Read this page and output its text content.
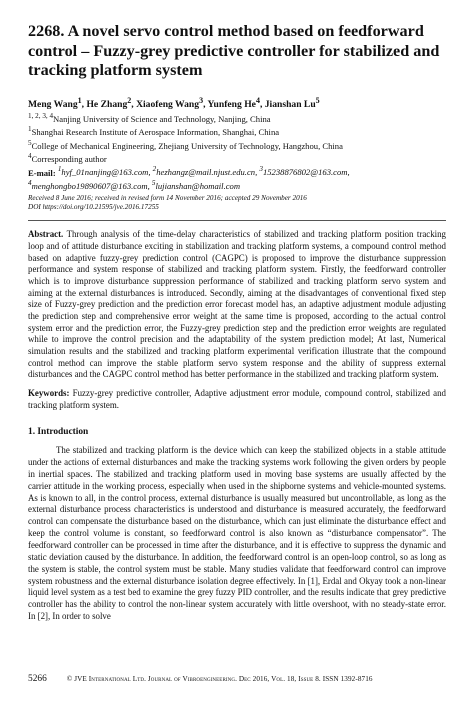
2268. A novel servo control method based on feedforward control – Fuzzy-grey predictive controller for stabilized and tracking platform system
Meng Wang$^1$, He Zhang$^2$, Xiaofeng Wang$^3$, Yunfeng He$^4$, Jianshan Lu$^5$
$^{1, 2, 3, 4}$Nanjing University of Science and Technology, Nanjing, China
$^1$Shanghai Research Institute of Aerospace Information, Shanghai, China
$^5$College of Mechanical Engineering, Zhejiang University of Technology, Hangzhou, China
$^4$Corresponding author
E-mail: $^1$hyf_01nanjing@163.com, $^2$hezhangz@mail.njust.edu.cn, $^3$15238876802@163.com,
$^4$menghongbo19890607@163.com, $^5$lujianshan@homail.com
Received 8 June 2016; received in revised form 14 November 2016; accepted 29 November 2016
DOI https://doi.org/10.21595/jve.2016.17255

Abstract. Through analysis of the time-delay characteristics of stabilized and tracking platform position tracking loop and of attitude disturbance exciting in stabilization and tracking platform systems, a compound control method based on adaptive fuzzy-grey prediction control (CAGPC) is proposed to improve the disturbance suppression performance and system response of stabilized and tracking platform system. Firstly, the feedforward controller which is to improve disturbance suppression performance of stabilized and tracking platform servo system and aiming at the external disturbances is introduced. Secondly, aiming at the disadvantages of conventional fixed step size of Fuzzy-grey prediction and the prediction error forecast model has, an adaptive adjustment module adjusting the prediction step and comprehensive error weight at the same time is proposed, according to the actual control system error and the prediction error, the Fuzzy-grey prediction step and the prediction error weights are regulated while to improve the control precision and the adaptability of the system prediction model; At last, Numerical simulation results and the stabilized and tracking platform experimental verification illustrate that the compound control method can improve the stable platform servo system response and the ability of suppress external disturbances and the CAGPC control method has better performance in the stabilized and tracking platform system.

Keywords: Fuzzy-grey predictive controller, Adaptive adjustment error module, compound control, stabilized and tracking platform system.

1. Introduction

The stabilized and tracking platform is the device which can keep the stabilized objects in a stable attitude under the actions of external disturbances and make the tracking systems work following the given orders by people in inertial spaces. The stabilized and tracking platform used in moving base systems are usually affected by the carrier attitude in the working process, especially when used in the shipborne systems and vehicle-mounted systems. As is known to all, in the control process, external disturbance is usually measured but uncontrollable, as long as the external disturbance process characteristics is understood and disturbance is measured accurately, the feedforward control can compensate the disturbance based on the disturbance, which can just eliminate the disturbance effect and keep the control volume is constant, so feedforward control is also known as “disturbance compensator”. The feedforward controller can be processed in time after the disturbance, and it is effective to suppress the dynamic and static deviation caused by the disturbance. In addition, the feedforward control is an open-loop control, so as long as the system is stable, the control system must be stable. Many studies validate that feedforward control can improve system robustness and the external disturbance isolation degree effectively. In [1], Erdal and Okyay took a non-linear liquid level system as a test bed to examine the grey fuzzy PID controller, and the results indicate that grey predictive controller has the ability to control the non-linear system accurately with little overshoot, with no steady-state error. In [2], In order to solve

5266	© JVE International Ltd. Journal of Vibroengineering. Dec 2016, Vol. 18, Issue 8. ISSN 1392-8716
